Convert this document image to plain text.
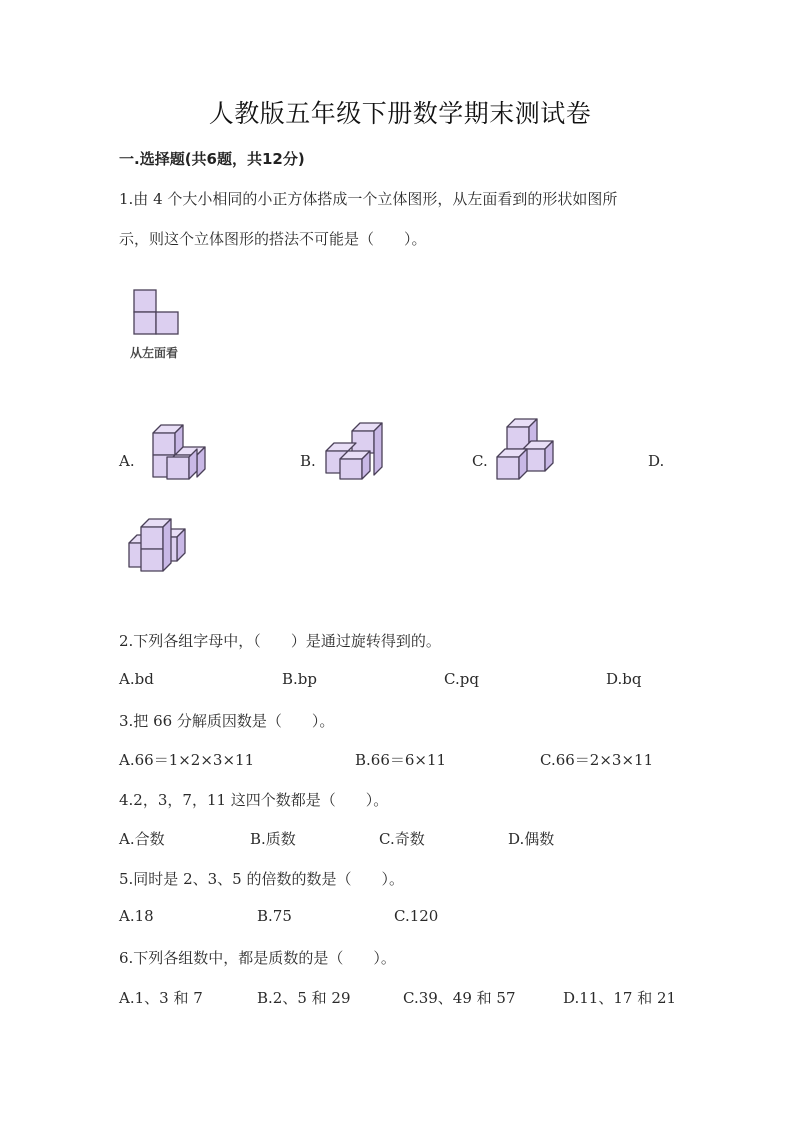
人教版五年级下册数学期末测试卷
一.选择题(共6题，共12分)
1.由 4 个大小相同的小正方体搭成一个立体图形，从左面看到的形状如图所
示，则这个立体图形的搭法不可能是（　　）。
从左面看
A.	B.	C.	D.
2.下列各组字母中，（　　）是通过旋转得到的。
A.bd	B.bp	C.pq	D.bq
3.把 66 分解质因数是（　　）。
A.66＝1×2×3×11	B.66＝6×11	C.66＝2×3×11
4.2，3，7，11 这四个数都是（　　）。
A.合数	B.质数	C.奇数	D.偶数
5.同时是 2、3、5 的倍数的数是（　　）。
A.18	B.75	C.120
6.下列各组数中，都是质数的是（　　）。
A.1、3 和 7	B.2、5 和 29	C.39、49 和 57	D.11、17 和 21
